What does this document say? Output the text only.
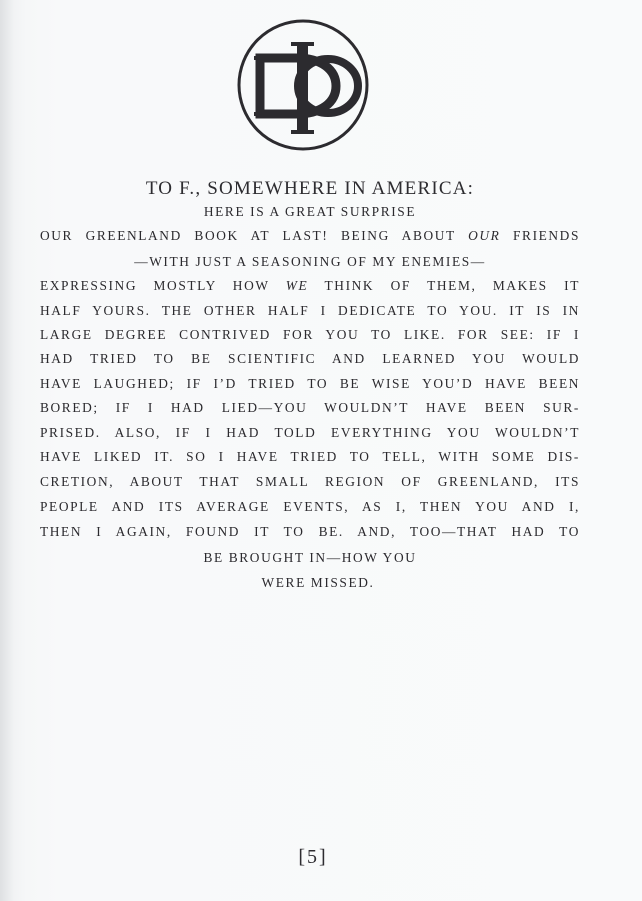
TO F., SOMEWHERE IN AMERICA:
HERE IS A GREAT SURPRISE
OUR GREENLAND BOOK AT LAST! BEING ABOUT OUR FRIENDS
—WITH JUST A SEASONING OF MY ENEMIES—
EXPRESSING MOSTLY HOW WE THINK OF THEM, MAKES IT
HALF YOURS. THE OTHER HALF I DEDICATE TO YOU. IT IS IN
LARGE DEGREE CONTRIVED FOR YOU TO LIKE. FOR SEE: IF I
HAD TRIED TO BE SCIENTIFIC AND LEARNED YOU WOULD
HAVE LAUGHED; IF I’D TRIED TO BE WISE YOU’D HAVE BEEN
BORED; IF I HAD LIED—YOU WOULDN’T HAVE BEEN SUR-
PRISED. ALSO, IF I HAD TOLD EVERYTHING YOU WOULDN’T
HAVE LIKED IT. SO I HAVE TRIED TO TELL, WITH SOME DIS-
CRETION, ABOUT THAT SMALL REGION OF GREENLAND, ITS
PEOPLE AND ITS AVERAGE EVENTS, AS I, THEN YOU AND I,
THEN I AGAIN, FOUND IT TO BE. AND, TOO—THAT HAD TO
BE BROUGHT IN—HOW YOU
WERE MISSED.
[5]
